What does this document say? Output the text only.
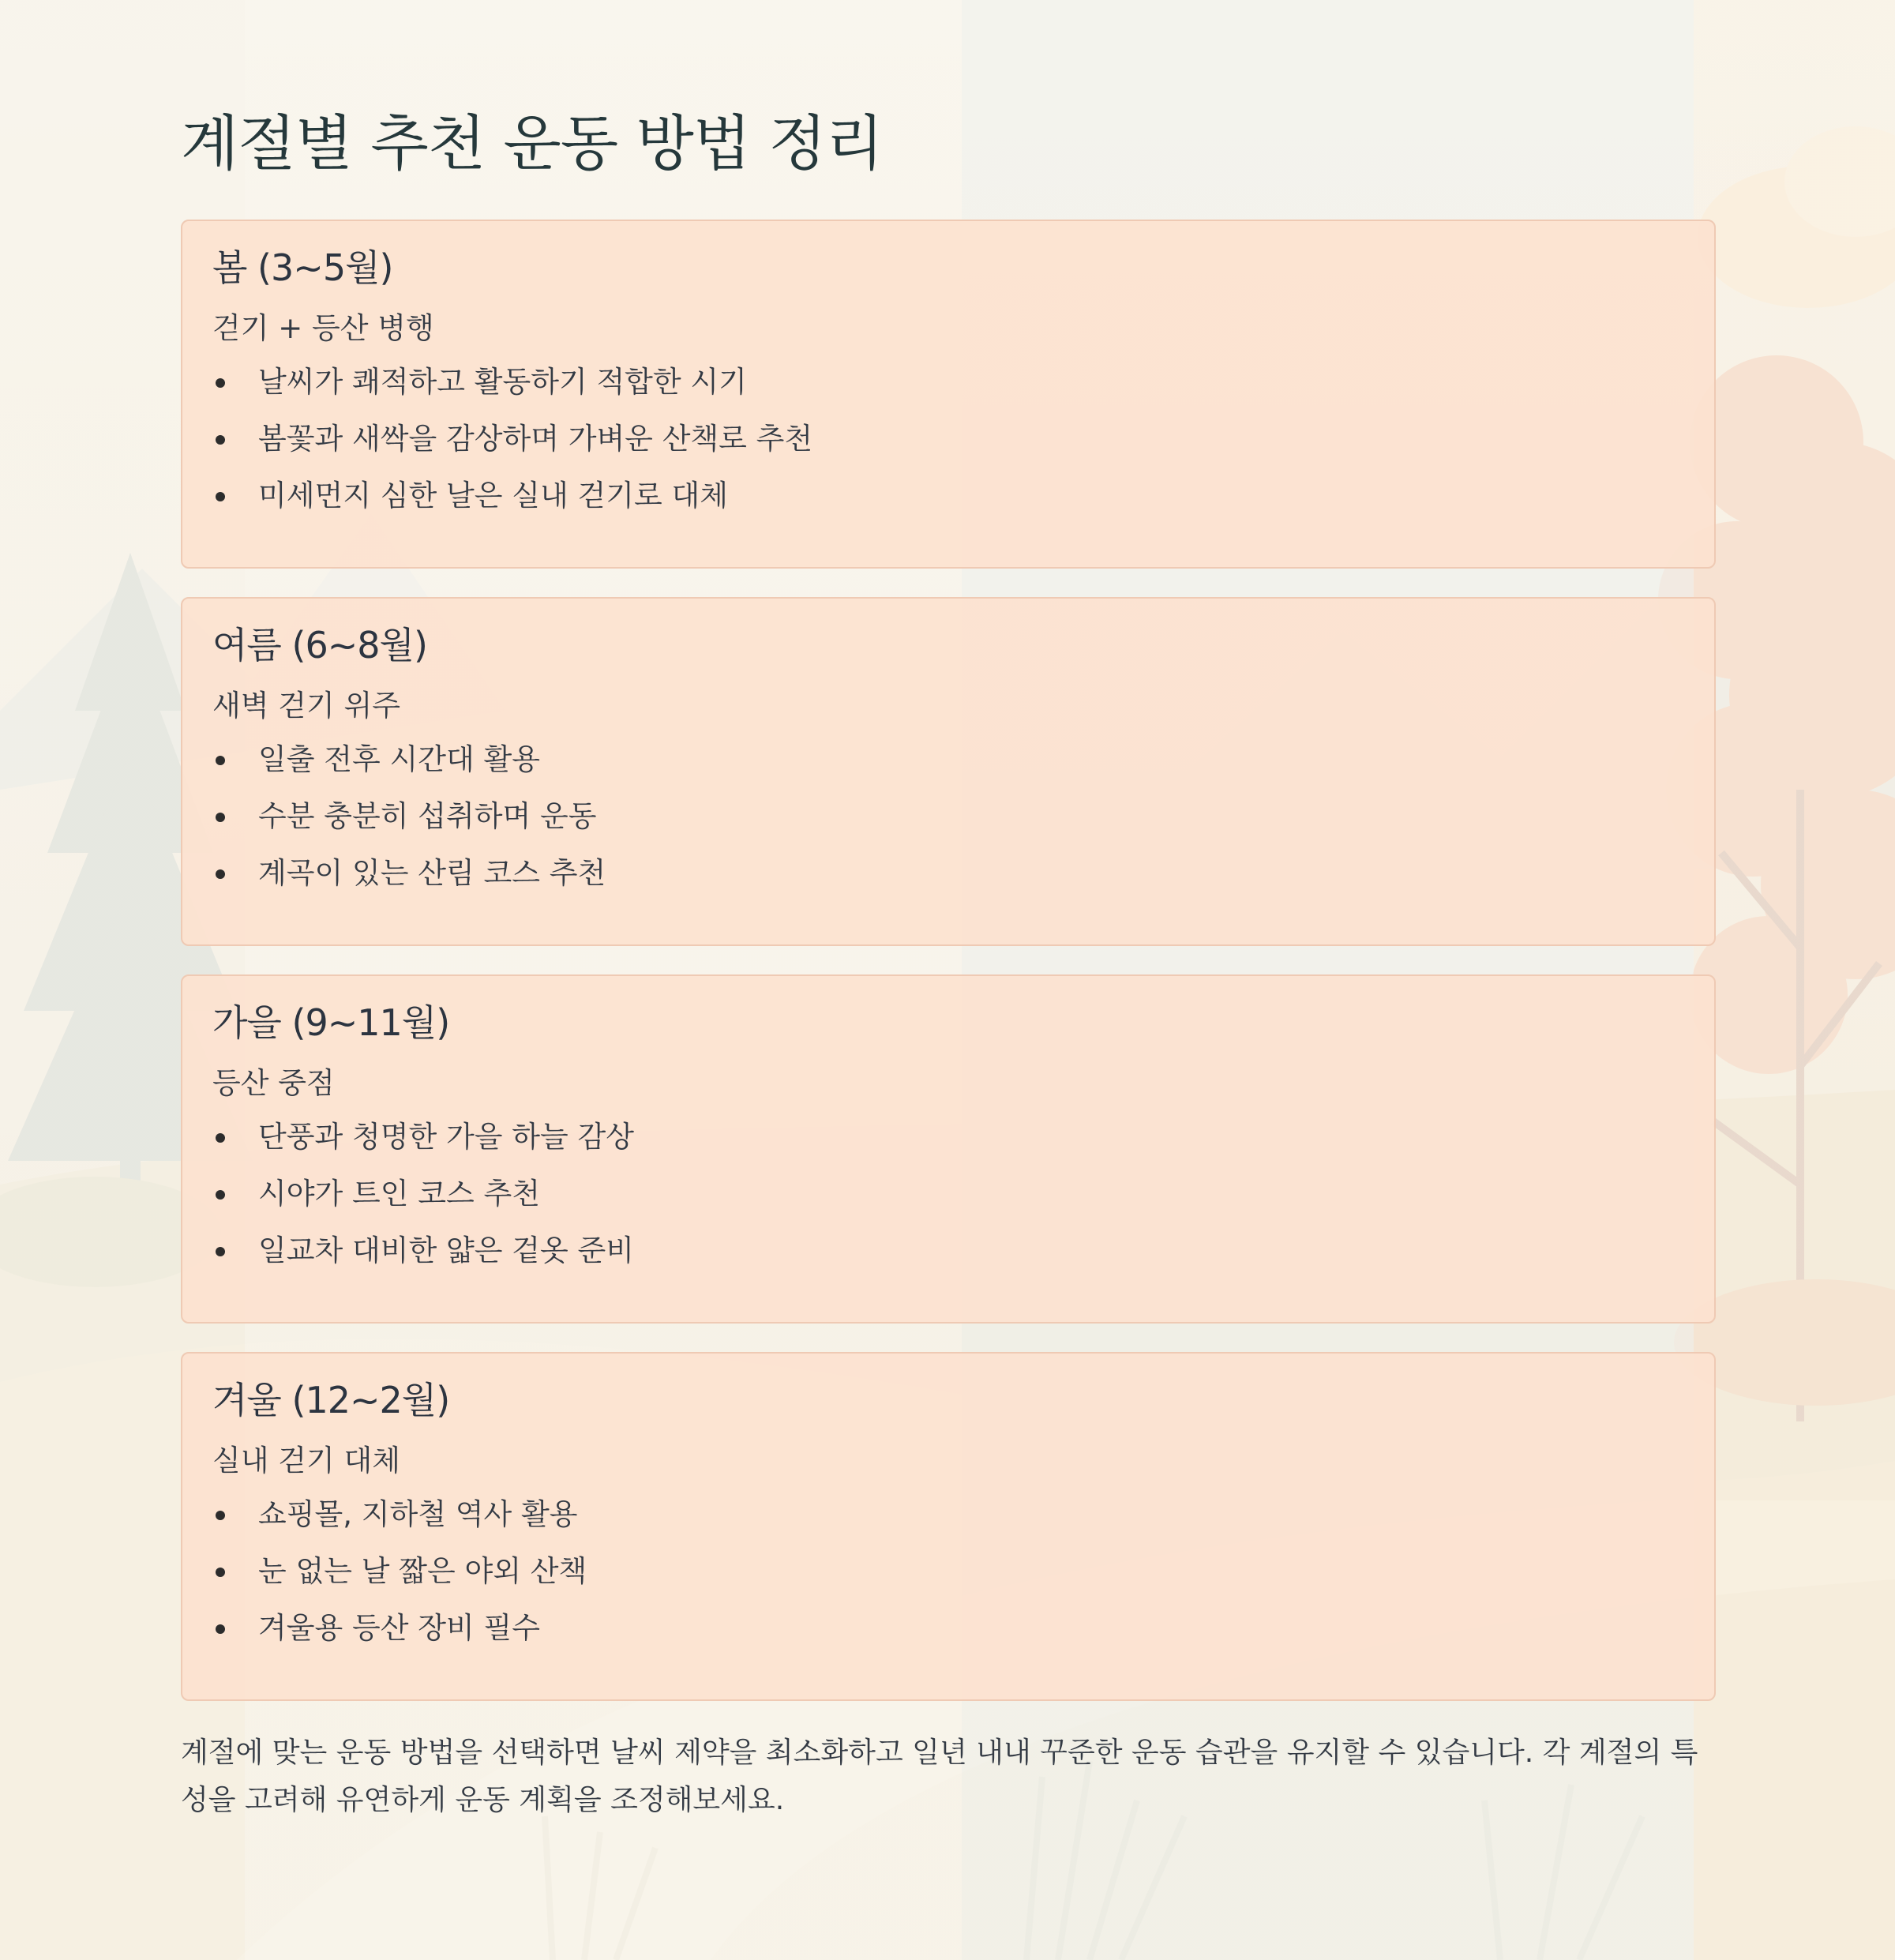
계절별 추천 운동 방법 정리
봄 (3~5월)

걷기 + 등산 병행

날씨가 쾌적하고 활동하기 적합한 시기
봄꽃과 새싹을 감상하며 가벼운 산책로 추천
미세먼지 심한 날은 실내 걷기로 대체
여름 (6~8월)

새벽 걷기 위주

일출 전후 시간대 활용
수분 충분히 섭취하며 운동
계곡이 있는 산림 코스 추천
가을 (9~11월)

등산 중점

단풍과 청명한 가을 하늘 감상
시야가 트인 코스 추천
일교차 대비한 얇은 겉옷 준비
겨울 (12~2월)

실내 걷기 대체

쇼핑몰, 지하철 역사 활용
눈 없는 날 짧은 야외 산책
겨울용 등산 장비 필수

계절에 맞는 운동 방법을 선택하면 날씨 제약을 최소화하고 일년 내내 꾸준한 운동 습관을 유지할 수 있습니다. 각 계절의 특성을 고려해 유연하게 운동 계획을 조정해보세요.
